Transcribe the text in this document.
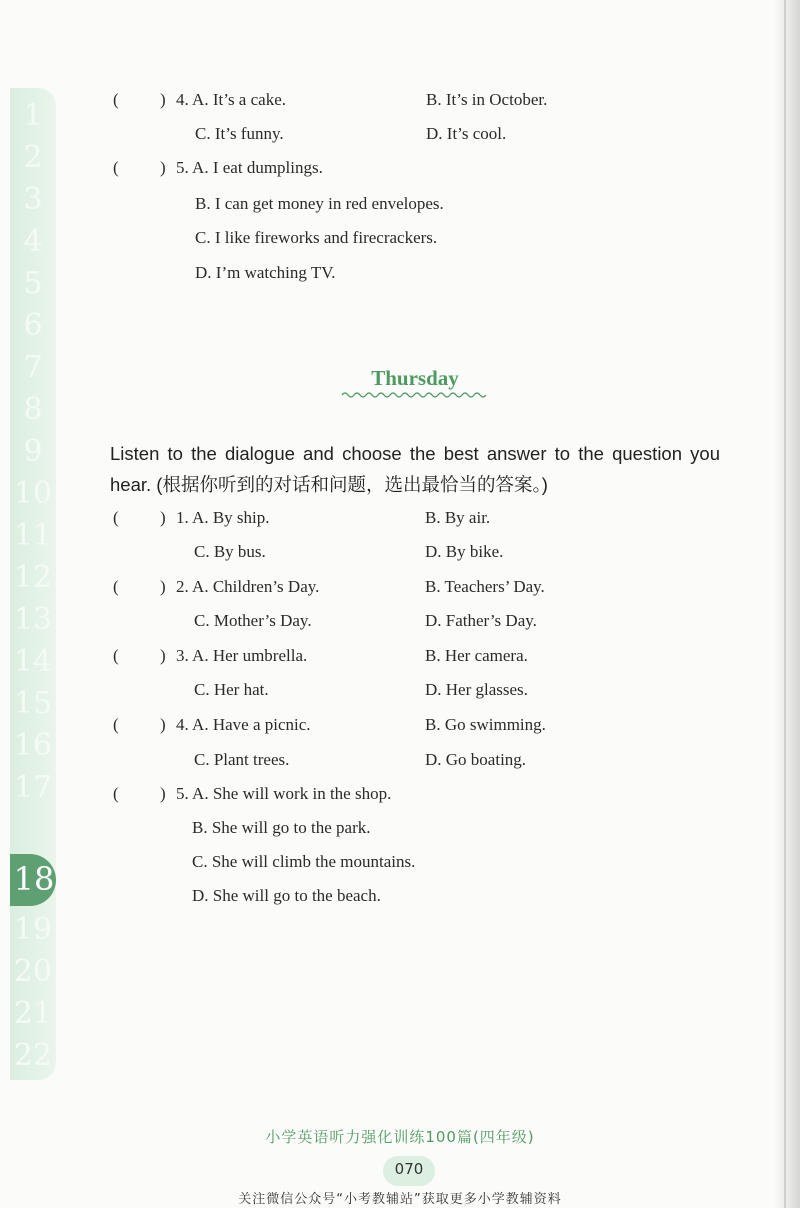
1
2
3
4
5
6
7
8
9
10
11
12
13
14
15
16
17
19
20
21
22
18
( ) 4. A. It’s a cake.	B. It’s in October.
C. It’s funny.	D. It’s cool.
( ) 5. A. I eat dumplings.
B. I can get money in red envelopes.
C. I like fireworks and firecrackers.
D. I’m watching TV.
Thursday
Listen to the dialogue and choose the best answer to the question you hear. (根据你听到的对话和问题，选出最恰当的答案。)
( ) 1. A. By ship.	B. By air.
C. By bus.	D. By bike.
( ) 2. A. Children’s Day.	B. Teachers’ Day.
C. Mother’s Day.	D. Father’s Day.
( ) 3. A. Her umbrella.	B. Her camera.
C. Her hat.	D. Her glasses.
( ) 4. A. Have a picnic.	B. Go swimming.
C. Plant trees.	D. Go boating.
( ) 5. A. She will work in the shop.
B. She will go to the park.
C. She will climb the mountains.
D. She will go to the beach.
小学英语听力强化训练100篇(四年级)
070
关注微信公众号“小考教辅站”获取更多小学教辅资料
